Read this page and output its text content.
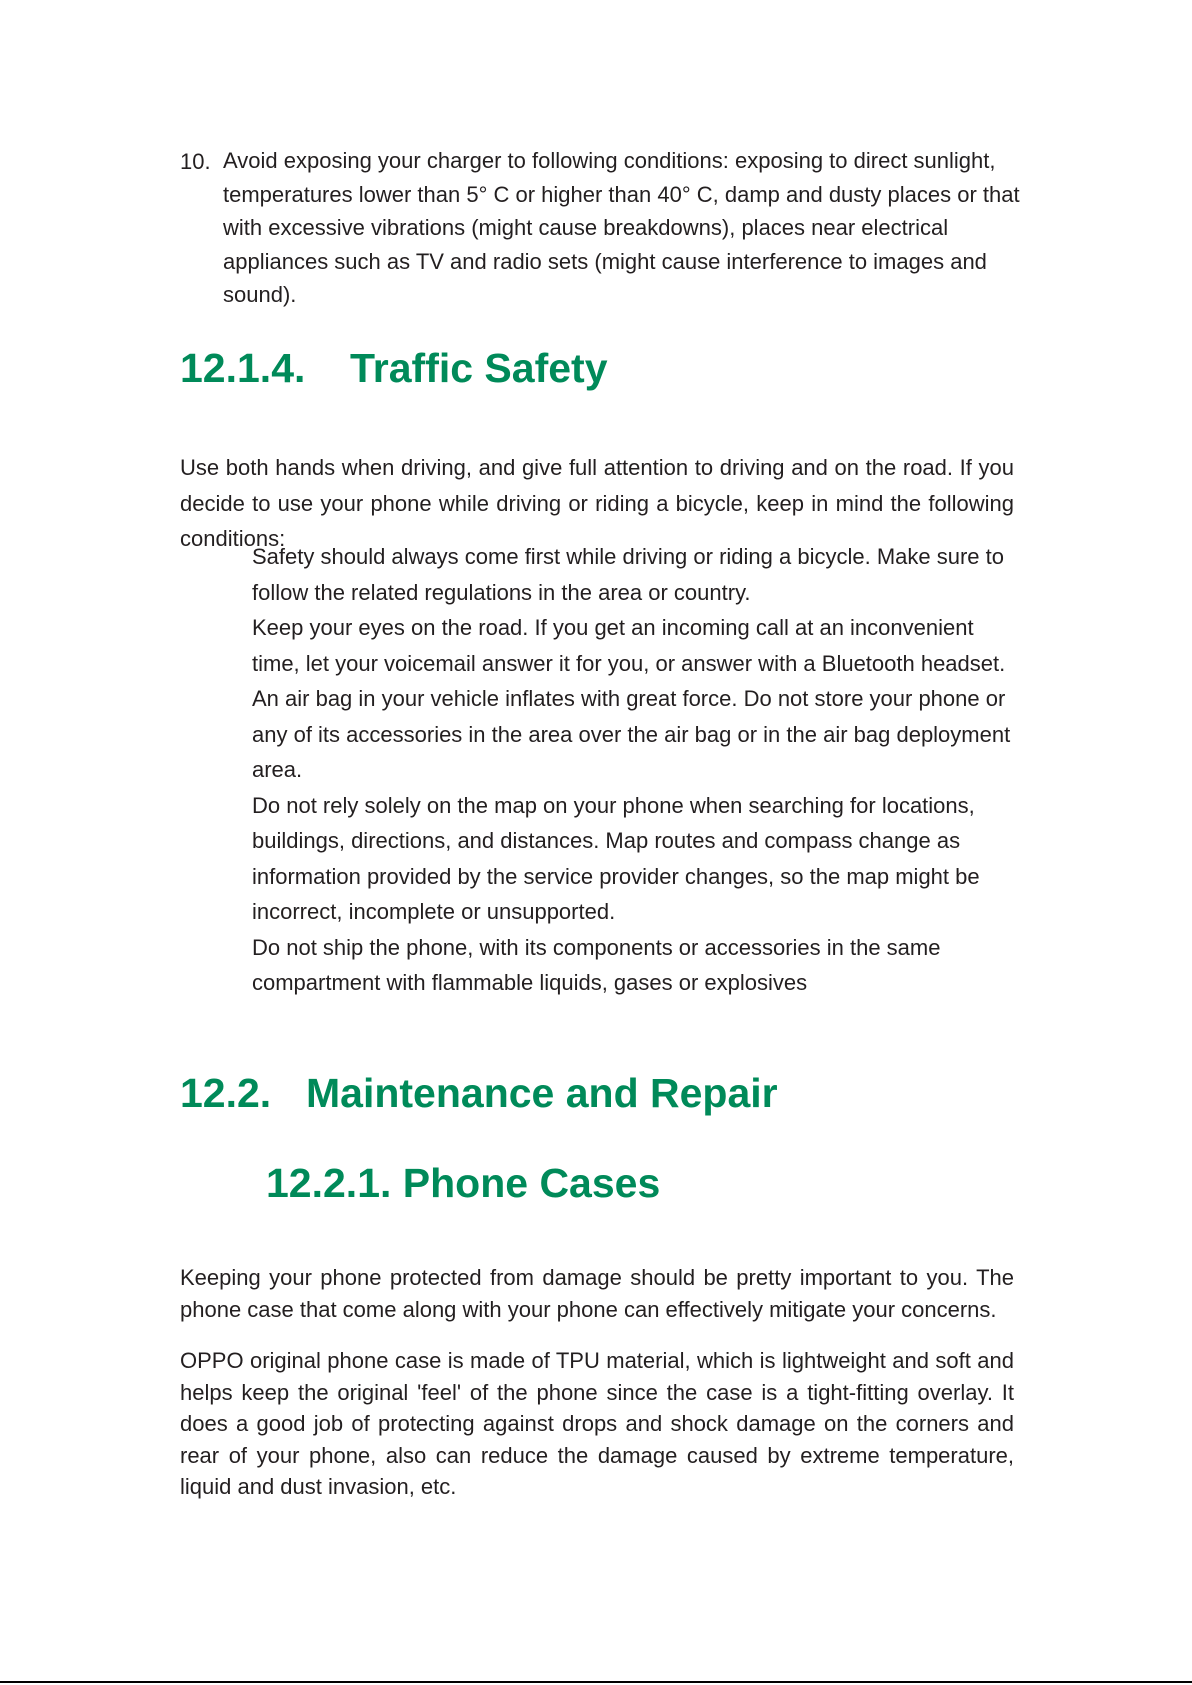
10. Avoid exposing your charger to following conditions: exposing to direct sunlight, temperatures lower than 5° C or higher than 40° C, damp and dusty places or that with excessive vibrations (might cause breakdowns), places near electrical appliances such as TV and radio sets (might cause interference to images and sound).
12.1.4. Traffic Safety

Use both hands when driving, and give full attention to driving and on the road. If you decide to use your phone while driving or riding a bicycle, keep in mind the following conditions:

Safety should always come first while driving or riding a bicycle. Make sure to follow the related regulations in the area or country.
Keep your eyes on the road. If you get an incoming call at an inconvenient time, let your voicemail answer it for you, or answer with a Bluetooth headset.
An air bag in your vehicle inflates with great force. Do not store your phone or any of its accessories in the area over the air bag or in the air bag deployment area.
Do not rely solely on the map on your phone when searching for locations, buildings, directions, and distances. Map routes and compass change as information provided by the service provider changes, so the map might be incorrect, incomplete or unsupported.
Do not ship the phone, with its components or accessories in the same compartment with flammable liquids, gases or explosives
12.2. Maintenance and Repair
12.2.1. Phone Cases

Keeping your phone protected from damage should be pretty important to you. The phone case that come along with your phone can effectively mitigate your concerns.

OPPO original phone case is made of TPU material, which is lightweight and soft and helps keep the original 'feel' of the phone since the case is a tight-fitting overlay. It does a good job of protecting against drops and shock damage on the corners and rear of your phone, also can reduce the damage caused by extreme temperature, liquid and dust invasion, etc.
